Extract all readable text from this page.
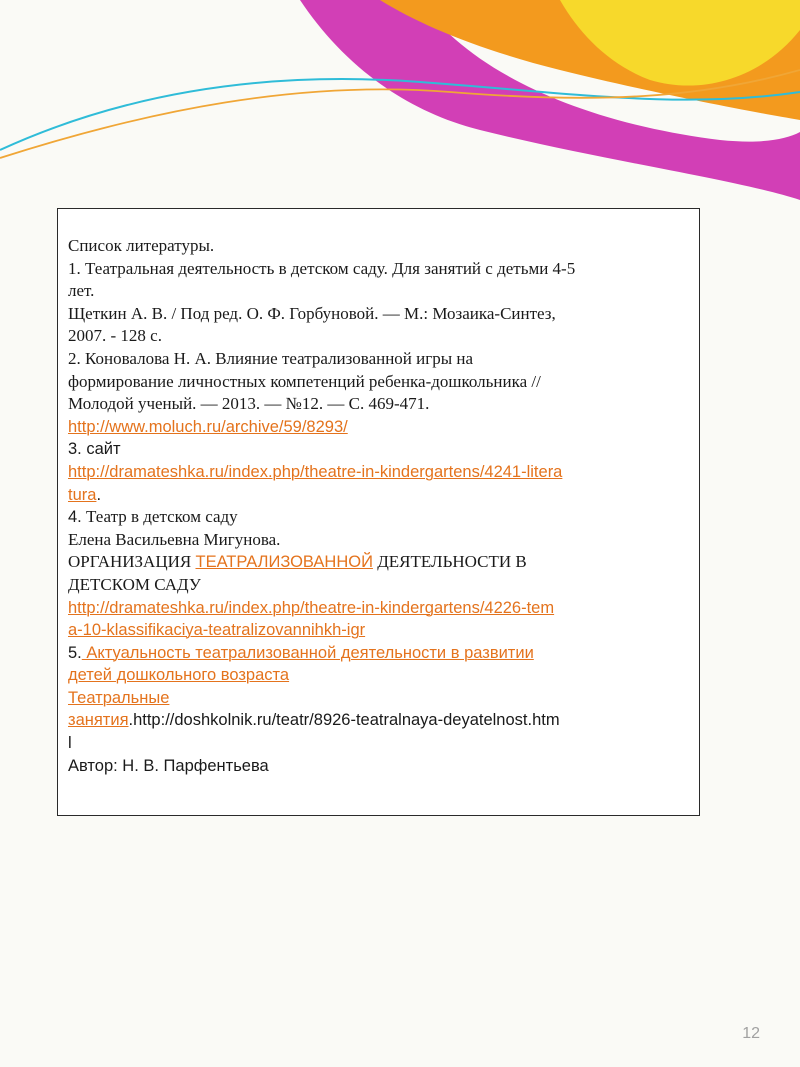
Список литературы.
1. Театральная деятельность в детском саду. Для занятий с детьми 4-5
лет.
Щеткин А. В. / Под ред. О. Ф. Горбуновой. — М.: Мозаика-Синтез,
2007. - 128 с.
2. Коновалова Н. А. Влияние театрализованной игры на
формирование личностных компетенций ребенка-дошкольника //
Молодой ученый. — 2013. — №12. — С. 469-471.
http://www.moluch.ru/archive/59/8293/
3. сайт
http://dramateshka.ru/index.php/theatre-in-kindergartens/4241-litera
tura.
4. Театр в детском саду
Елена Васильевна Мигунова.
ОРГАНИЗАЦИЯ ТЕАТРАЛИЗОВАННОЙ ДЕЯТЕЛЬНОСТИ В
ДЕТСКОМ САДУ
http://dramateshka.ru/index.php/theatre-in-kindergartens/4226-tem
a-10-klassifikaciya-teatralizovannihkh-igr
5. Актуальность театрализованной деятельности в развитии
детей дошкольного возраста
Театральные
занятия.http://doshkolnik.ru/teatr/8926-teatralnaya-deyatelnost.htm
l
Автор: Н. В. Парфентьева
12
